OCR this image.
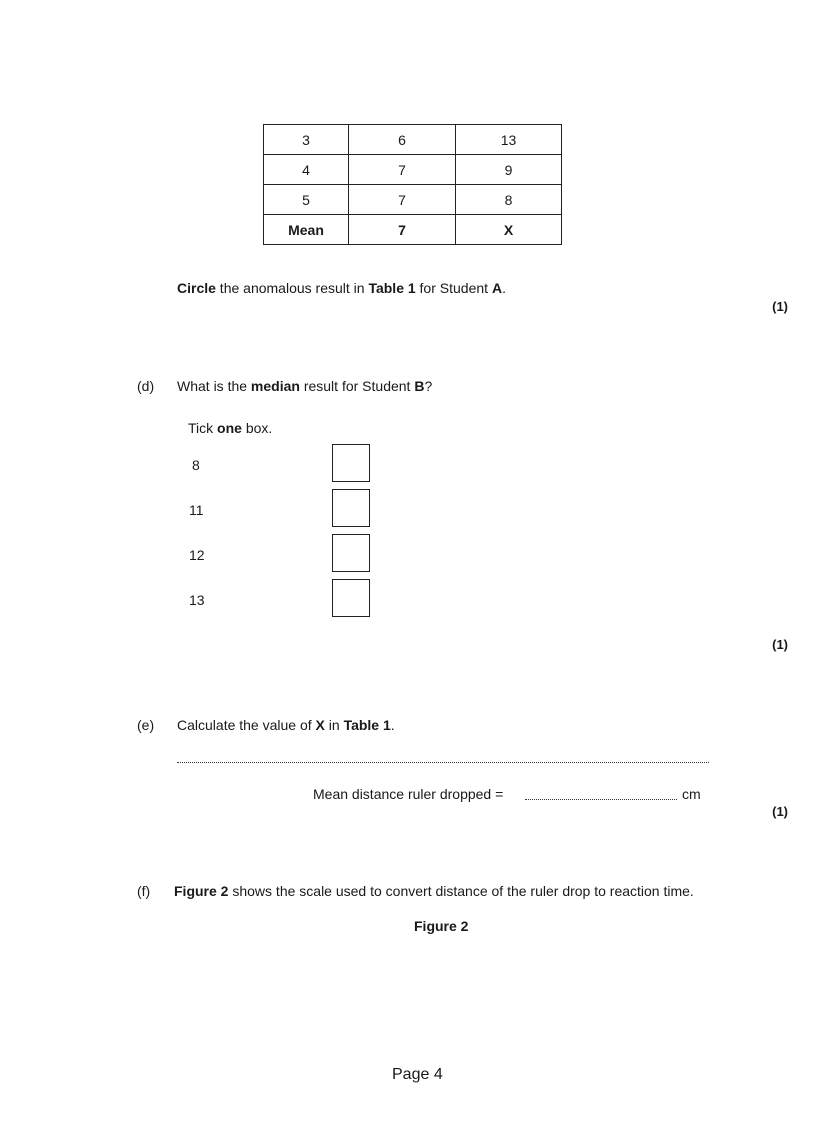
3	6	13
4	7	9
5	7	8
Mean	7	X
Circle the anomalous result in Table 1 for Student A.
(1)
(d) What is the median result for Student B?
Tick one box.
8
11
12
13
(1)
(e) Calculate the value of X in Table 1.
Mean distance ruler dropped =	cm
(1)
(f) Figure 2 shows the scale used to convert distance of the ruler drop to reaction time.
Figure 2
Page 4
